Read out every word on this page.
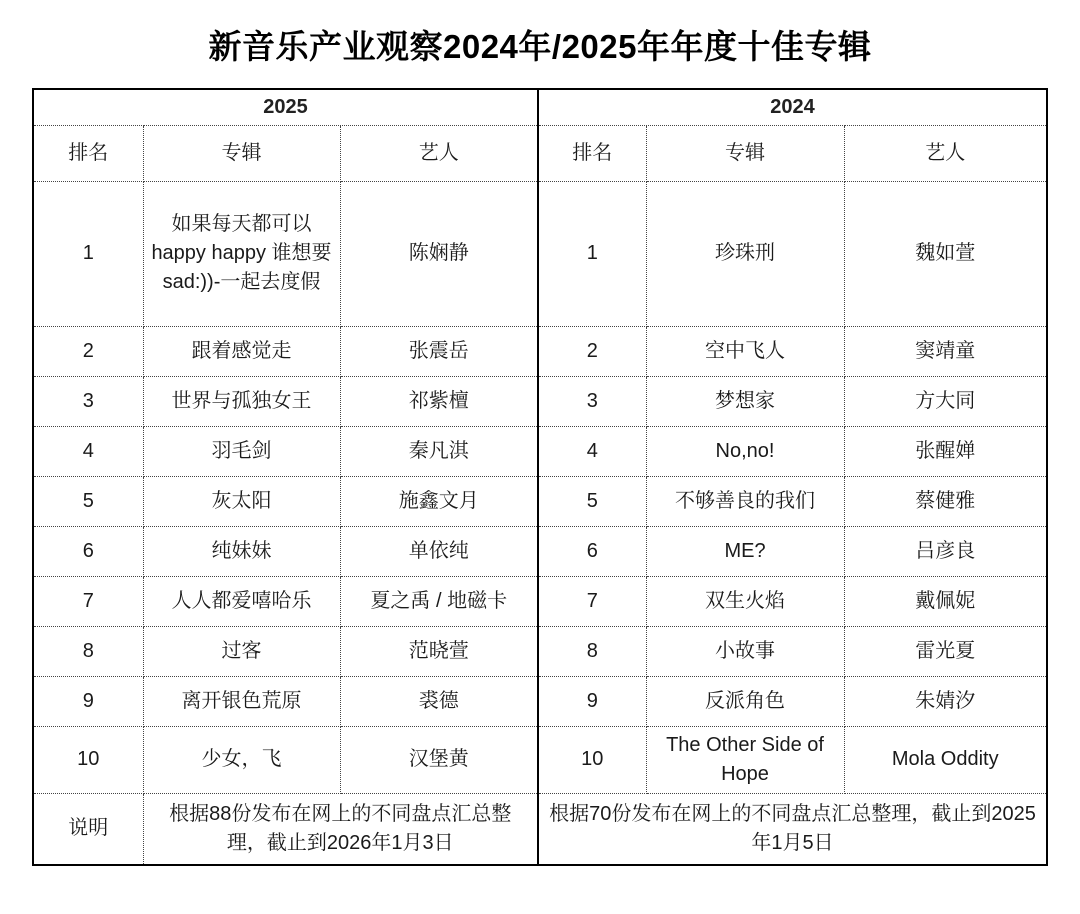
新音乐产业观察2024年/2025年年度十佳专辑
2025			2024		
排名	专辑	艺人	排名	专辑	艺人
1	如果每天都可以 happy happy 谁想要sad:))-一起去度假	陈娴静	1	珍珠刑	魏如萱
2	跟着感觉走	张震岳	2	空中飞人	窦靖童
3	世界与孤独女王	祁紫檀	3	梦想家	方大同
4	羽毛剑	秦凡淇	4	No,no!	张醒婵
5	灰太阳	施鑫文月	5	不够善良的我们	蔡健雅
6	纯妹妹	单依纯	6	ME?	吕彦良
7	人人都爱嘻哈乐	夏之禹 / 地磁卡	7	双生火焰	戴佩妮
8	过客	范晓萱	8	小故事	雷光夏
9	离开银色荒原	裘德	9	反派角色	朱婧汐
10	少女，飞	汉堡黄	10	The Other Side of Hope	Mola Oddity
说明	根据88份发布在网上的不同盘点汇总整理，截止到2026年1月3日		根据70份发布在网上的不同盘点汇总整理，截止到2025年1月5日		
